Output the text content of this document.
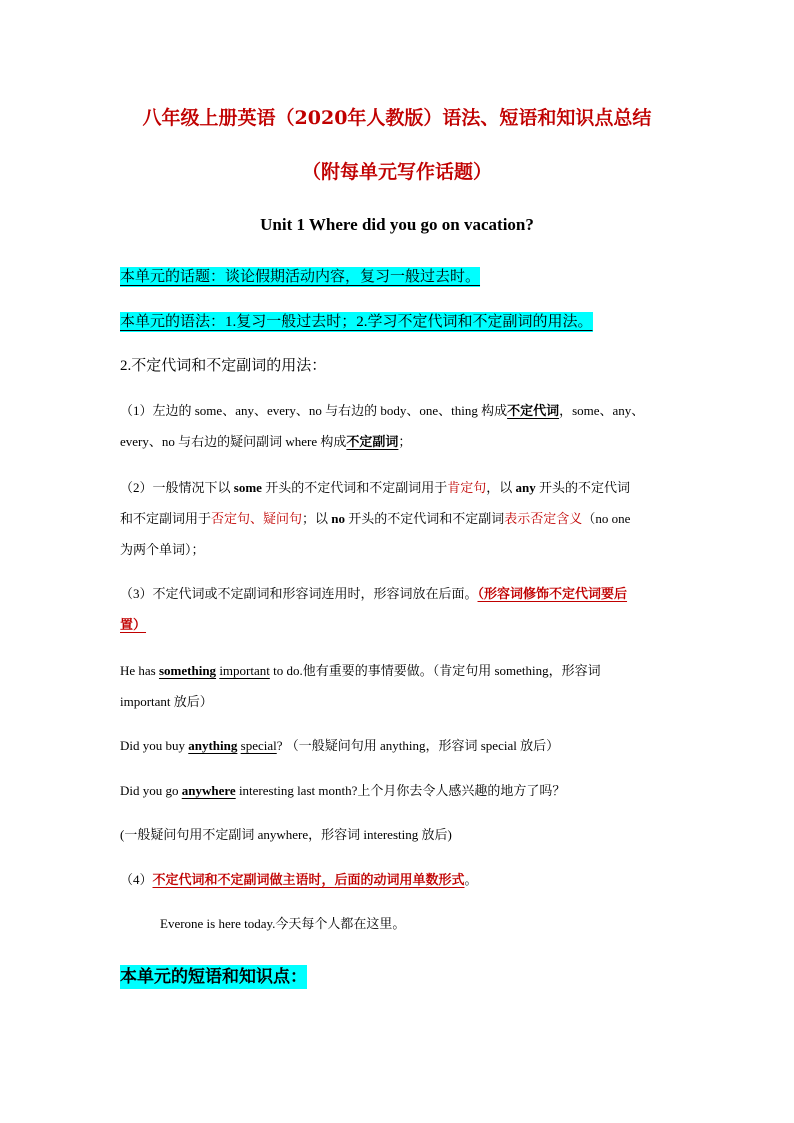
八年级上册英语（2020年人教版）语法、短语和知识点总结
（附每单元写作话题）
Unit 1 Where did you go on vacation?
本单元的话题：谈论假期活动内容，复习一般过去时。
本单元的语法：1.复习一般过去时；2.学习不定代词和不定副词的用法。
2.不定代词和不定副词的用法：
（1）左边的 some、any、every、no 与右边的 body、one、thing 构成不定代词，some、any、
every、no 与右边的疑问副词 where 构成不定副词；
（2）一般情况下以 some 开头的不定代词和不定副词用于肯定句，以 any 开头的不定代词
和不定副词用于否定句、疑问句；以 no 开头的不定代词和不定副词表示否定含义（no one
为两个单词）；
（3）不定代词或不定副词和形容词连用时，形容词放在后面。（形容词修饰不定代词要后
置）
He has something important to do.他有重要的事情要做。（肯定句用 something，形容词
important 放后）
Did you buy anything special? （一般疑问句用 anything，形容词 special 放后）
Did you go anywhere interesting last month?上个月你去令人感兴趣的地方了吗？
(一般疑问句用不定副词 anywhere，形容词 interesting 放后)
（4）不定代词和不定副词做主语时，后面的动词用单数形式。
Everone is here today.今天每个人都在这里。
本单元的短语和知识点：
